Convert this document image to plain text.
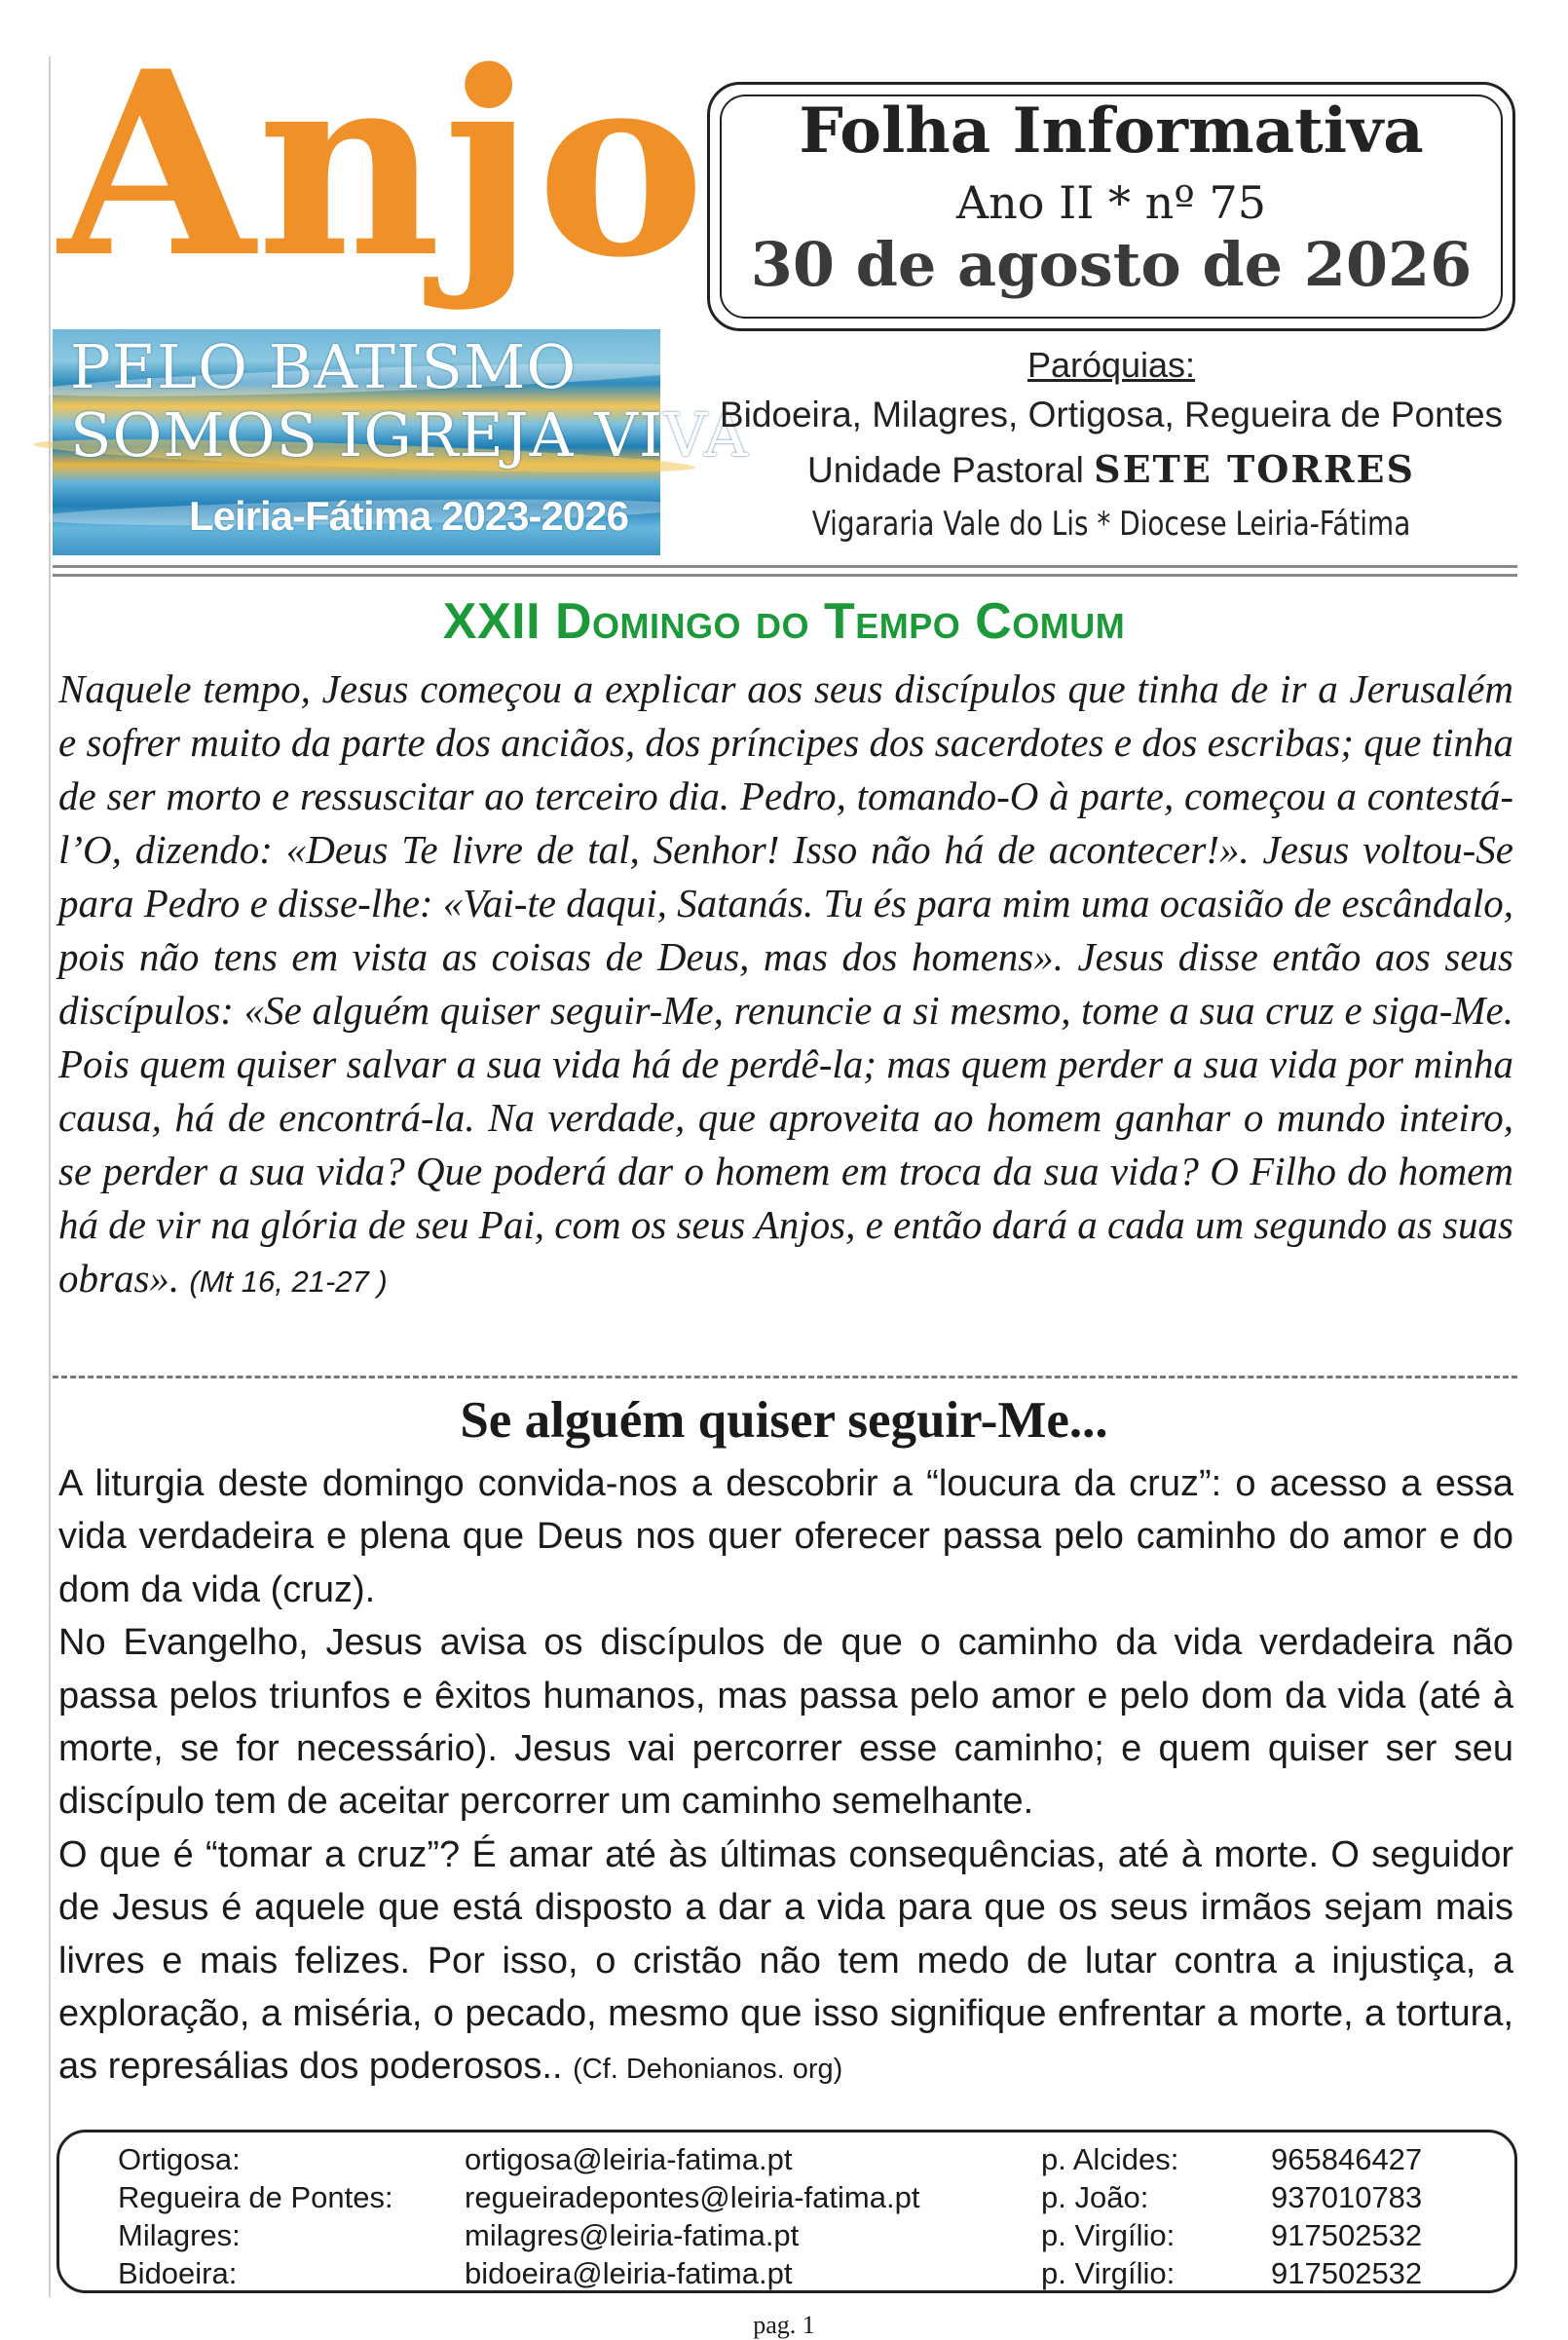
Anjo
PELO BATISMO
SOMOS IGREJA VIVA
Leiria-Fátima 2023-2026
Folha Informativa
Ano II * nº 75
30 de agosto de 2026
Paróquias:
Bidoeira, Milagres, Ortigosa, Regueira de Pontes
Unidade Pastoral SETE TORRES
Vigararia Vale do Lis * Diocese Leiria-Fátima
XXII Domingo do Tempo Comum
Naquele tempo, Jesus começou a explicar aos seus discípulos que tinha de ir a Jerusalém e sofrer muito da parte dos anciãos, dos príncipes dos sacerdotes e dos escribas; que tinha de ser morto e ressuscitar ao terceiro dia. Pedro, tomando-O à parte, começou a contestá-l’O, dizendo: «Deus Te livre de tal, Senhor! Isso não há de acontecer!». Jesus voltou-Se para Pedro e disse-lhe: «Vai-te daqui, Satanás. Tu és para mim uma ocasião de escândalo, pois não tens em vista as coisas de Deus, mas dos homens». Jesus disse então aos seus discípulos: «Se alguém quiser seguir-Me, renuncie a si mesmo, tome a sua cruz e siga-Me. Pois quem quiser salvar a sua vida há de perdê-la; mas quem perder a sua vida por minha causa, há de encontrá-la. Na verdade, que aproveita ao homem ganhar o mundo inteiro, se perder a sua vida? Que poderá dar o homem em troca da sua vida? O Filho do homem há de vir na glória de seu Pai, com os seus Anjos, e então dará a cada um segundo as suas obras». (Mt 16, 21-27 )
Se alguém quiser seguir-Me...
A liturgia deste domingo convida-nos a descobrir a “loucura da cruz”: o acesso a essa vida verdadeira e plena que Deus nos quer oferecer passa pelo caminho do amor e do dom da vida (cruz).
No Evangelho, Jesus avisa os discípulos de que o caminho da vida verdadeira não passa pelos triunfos e êxitos humanos, mas passa pelo amor e pelo dom da vida (até à morte, se for necessário). Jesus vai percorrer esse caminho; e quem quiser ser seu discípulo tem de aceitar percorrer um caminho semelhante.
O que é “tomar a cruz”? É amar até às últimas consequências, até à morte. O seguidor de Jesus é aquele que está disposto a dar a vida para que os seus irmãos sejam mais livres e mais felizes. Por isso, o cristão não tem medo de lutar contra a injustiça, a exploração, a miséria, o pecado, mesmo que isso signifique enfrentar a morte, a tortura, as represálias dos poderosos.. (Cf. Dehonianos. org)
Ortigosa:	ortigosa@leiria-fatima.pt	p. Alcides:	965846427
Regueira de Pontes:	regueiradepontes@leiria-fatima.pt	p. João:	937010783
Milagres:	milagres@leiria-fatima.pt	p. Virgílio:	917502532
Bidoeira:	bidoeira@leiria-fatima.pt	p. Virgílio:	917502532
pag. 1
